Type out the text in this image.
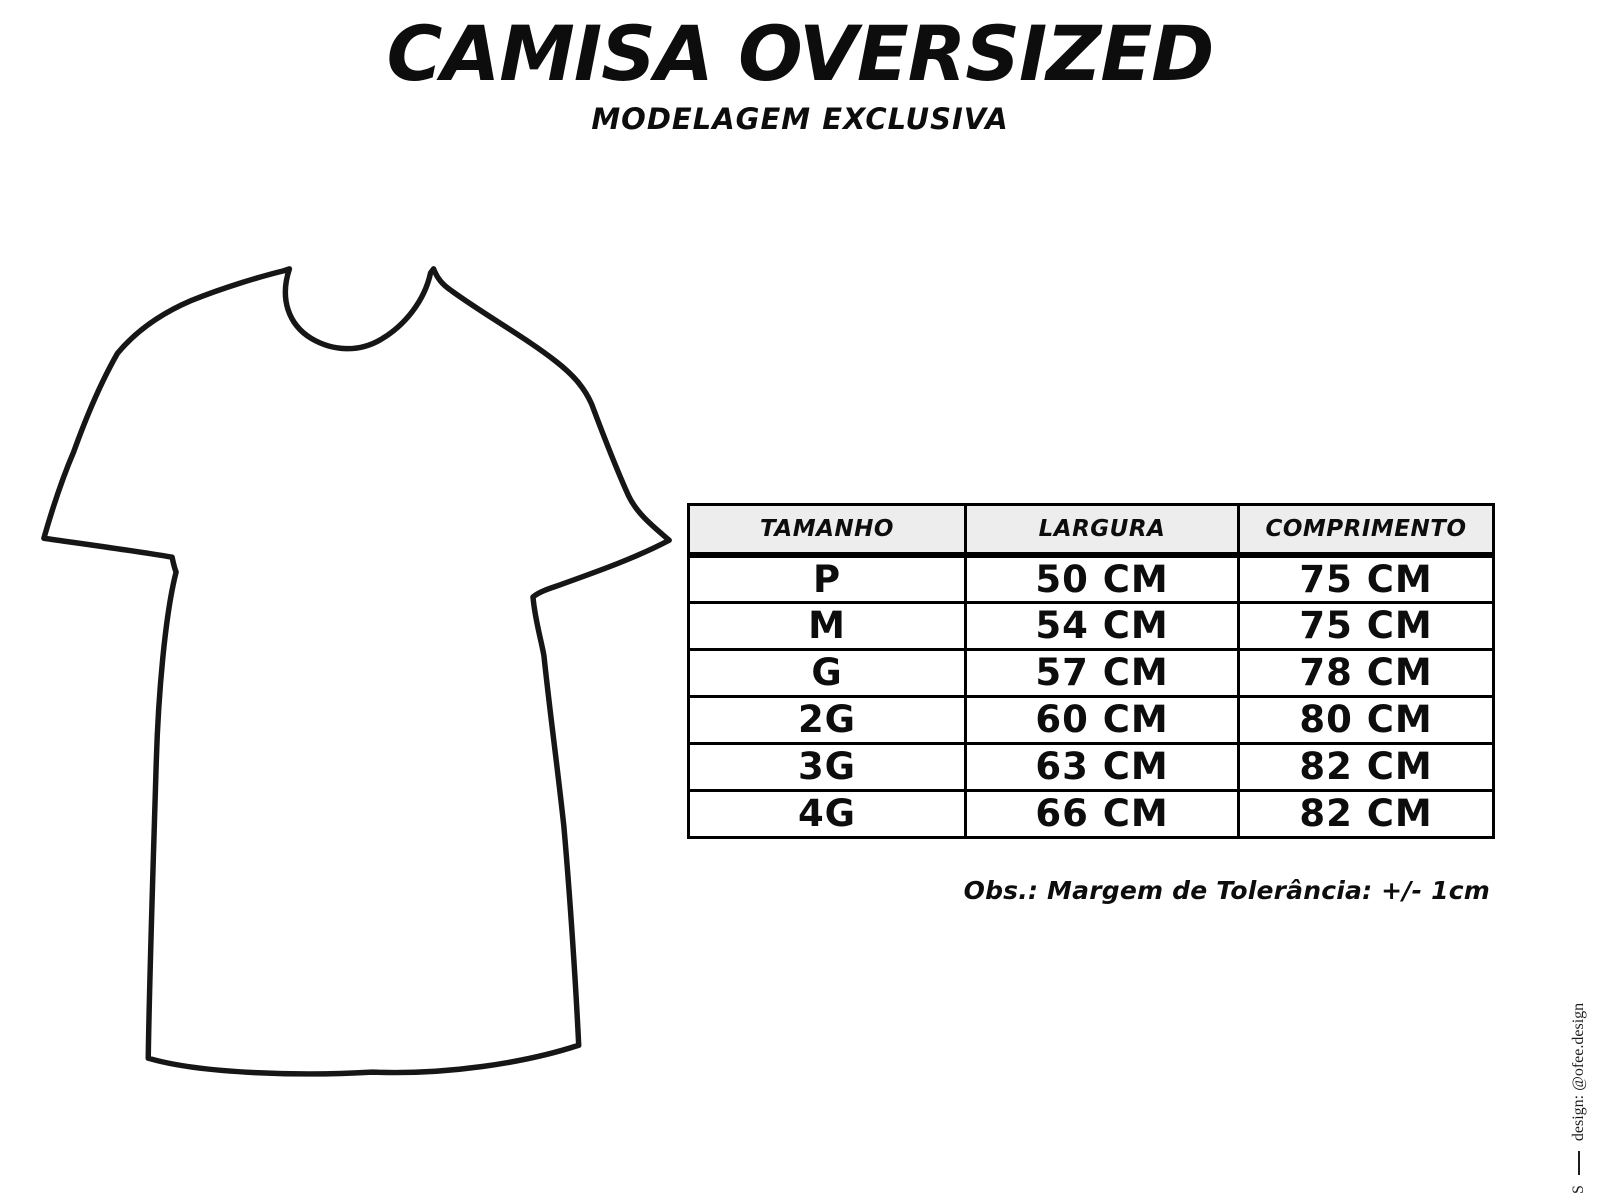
CAMISA OVERSIZED
MODELAGEM EXCLUSIVA
TAMANHO	LARGURA	COMPRIMENTO
P	50 CM	75 CM
M	54 CM	75 CM
G	57 CM	78 CM
2G	60 CM	80 CM
3G	63 CM	82 CM
4G	66 CM	82 CM
Obs.: Margem de Tolerância: +/- 1cm
S
design: @ofee.design
